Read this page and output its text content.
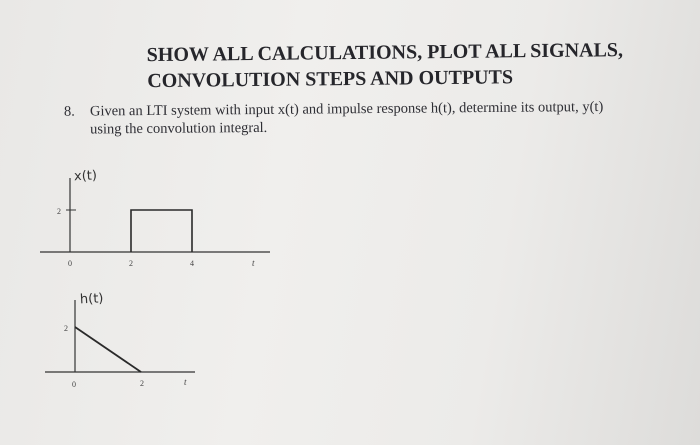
SHOW ALL CALCULATIONS, PLOT ALL SIGNALS,
CONVOLUTION STEPS AND OUTPUTS
8. Given an LTI system with input x(t) and impulse response h(t), determine its output, y(t)
using the convolution integral.
x(t)
2
0	2	4	t
h(t)
2
0	2	t
